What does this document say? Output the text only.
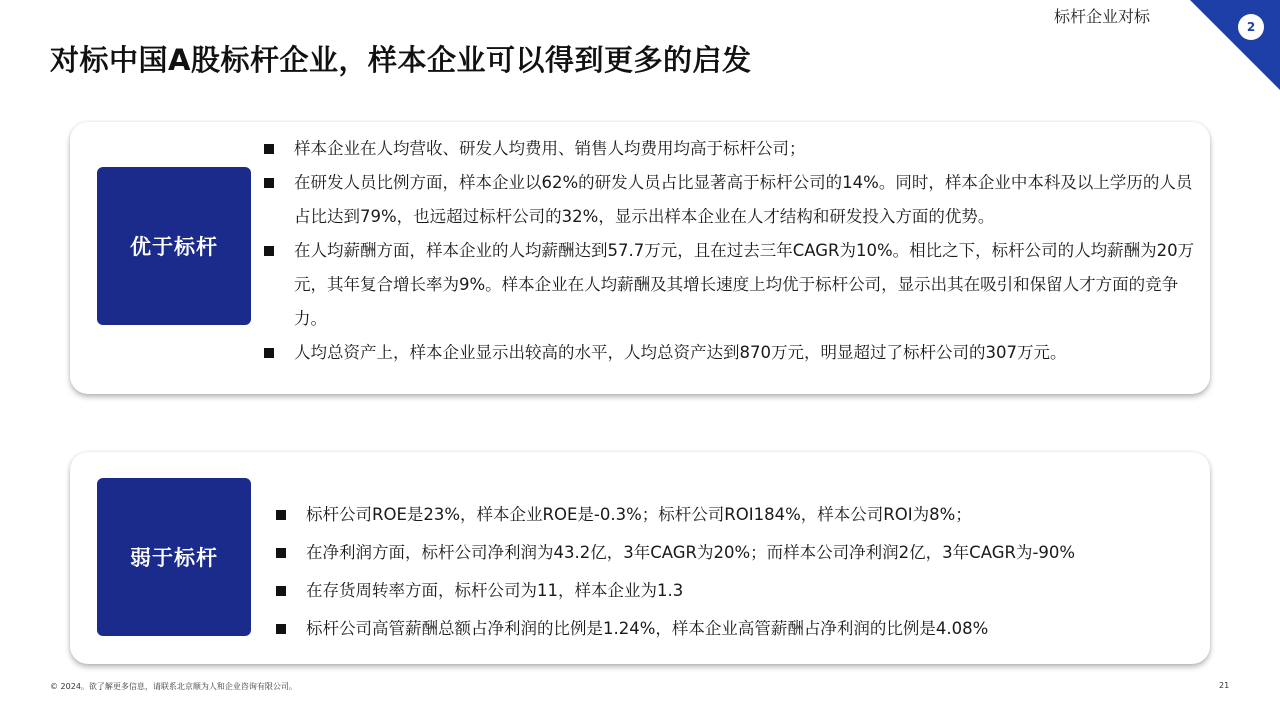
标杆企业对标
2
对标中国A股标杆企业，样本企业可以得到更多的启发
优于标杆
样本企业在人均营收、研发人均费用、销售人均费用均高于标杆公司；
在研发人员比例方面，样本企业以62%的研发人员占比显著高于标杆公司的14%。同时，样本企业中本科及以上学历的人员占比达到79%，也远超过标杆公司的32%，显示出样本企业在人才结构和研发投入方面的优势。
在人均薪酬方面，样本企业的人均薪酬达到57.7万元，且在过去三年CAGR为10%。相比之下，标杆公司的人均薪酬为20万元，其年复合增长率为9%。样本企业在人均薪酬及其增长速度上均优于标杆公司，显示出其在吸引和保留人才方面的竞争力。
人均总资产上，样本企业显示出较高的水平，人均总资产达到870万元，明显超过了标杆公司的307万元。
弱于标杆
标杆公司ROE是23%，样本企业ROE是-0.3%；标杆公司ROI184%，样本公司ROI为8%；
在净利润方面，标杆公司净利润为43.2亿，3年CAGR为20%；而样本公司净利润2亿，3年CAGR为-90%
在存货周转率方面，标杆公司为11，样本企业为1.3
标杆公司高管薪酬总额占净利润的比例是1.24%，样本企业高管薪酬占净利润的比例是4.08%
© 2024。欲了解更多信息，请联系北京顺为人和企业咨询有限公司。	21
